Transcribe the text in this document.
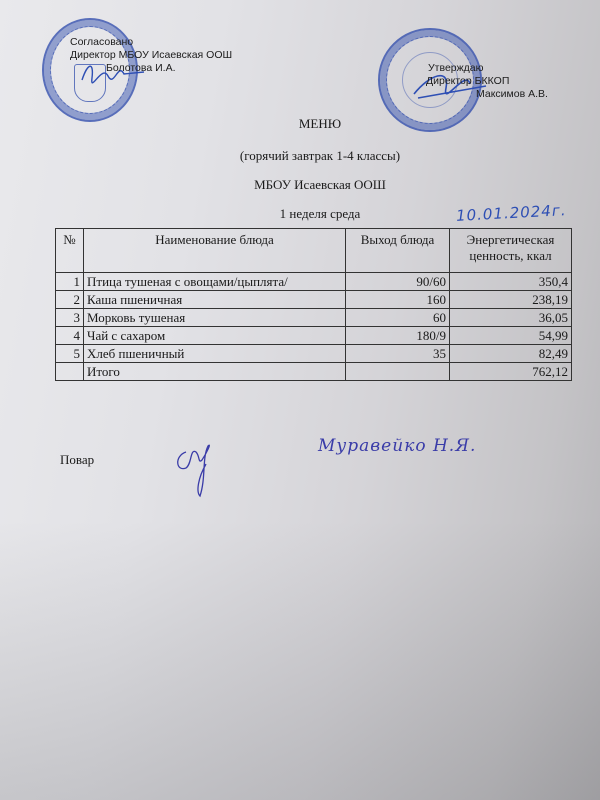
Согласовано
Директор МБОУ Исаевская ООШ
Болотова И.А.	Утверждаю
Директор БККОП
Максимов А.В.
МЕНЮ
(горячий завтрак 1-4 классы)
МБОУ Исаевская ООШ
1 неделя среда	10.01.2024г.
№	Наименование блюда	Выход блюда	Энергетическая ценность, ккал
1	Птица тушеная с овощами/цыплята/	90/60	350,4
2	Каша пшеничная	160	238,19
3	Морковь тушеная	60	36,05
4	Чай с сахаром	180/9	54,99
5	Хлеб пшеничный	35	82,49
	Итого		762,12
Повар
Муравейко Н.Я.
